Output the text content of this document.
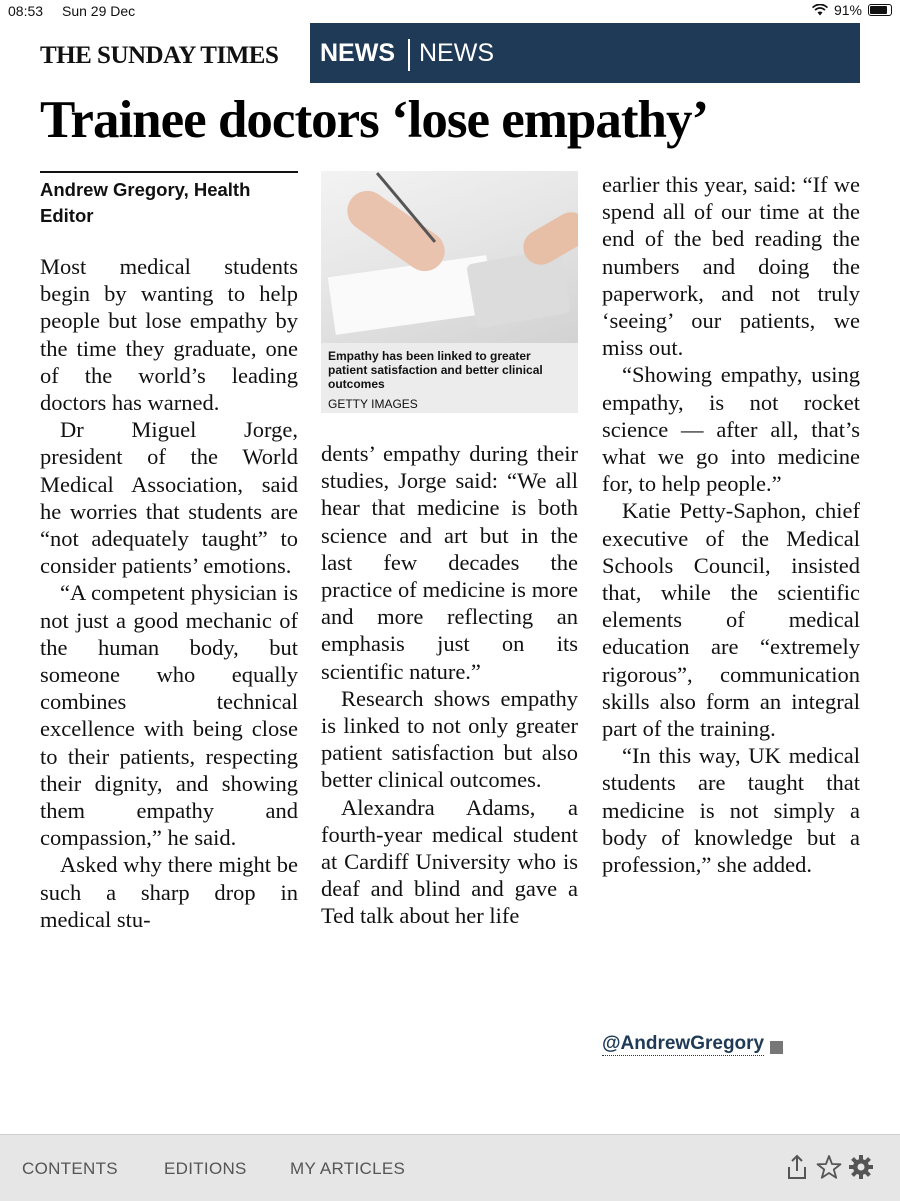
08:53 Sun 29 Dec	91%
THE SUNDAY TIMES NEWS NEWS
Trainee doctors ‘lose empathy’
Andrew Gregory, Health Editor

Most medical students begin by wanting to help people but lose empathy by the time they graduate, one of the world’s leading doctors has warned.

Dr Miguel Jorge, president of the World Medical Association, said he worries that students are “not adequately taught” to consider patients’ emotions.

“A competent physician is not just a good mechanic of the human body, but someone who equally combines technical excellence with being close to their patients, respecting their dignity, and showing them empathy and compassion,” he said.

Asked why there might be such a sharp drop in medical stu-

Empathy has been linked to greater patient satisfaction and better clinical outcomes
GETTY IMAGES

dents’ empathy during their studies, Jorge said: “We all hear that medicine is both science and art but in the last few decades the practice of medicine is more and more reflecting an emphasis just on its scientific nature.”

Research shows empathy is linked to not only greater patient satisfaction but also better clinical outcomes.

Alexandra Adams, a fourth-year medical student at Cardiff University who is deaf and blind and gave a Ted talk about her life

earlier this year, said: “If we spend all of our time at the end of the bed reading the numbers and doing the paperwork, and not truly ‘seeing’ our patients, we miss out.

“Showing empathy, using empathy, is not rocket science — after all, that’s what we go into medicine for, to help people.”

Katie Petty-Saphon, chief executive of the Medical Schools Council, insisted that, while the scientific elements of medical education are “extremely rigorous”, communication skills also form an integral part of the training.

“In this way, UK medical students are taught that medicine is not simply a body of knowledge but a profession,” she added.

@AndrewGregory
CONTENTS	EDITIONS	MY ARTICLES
